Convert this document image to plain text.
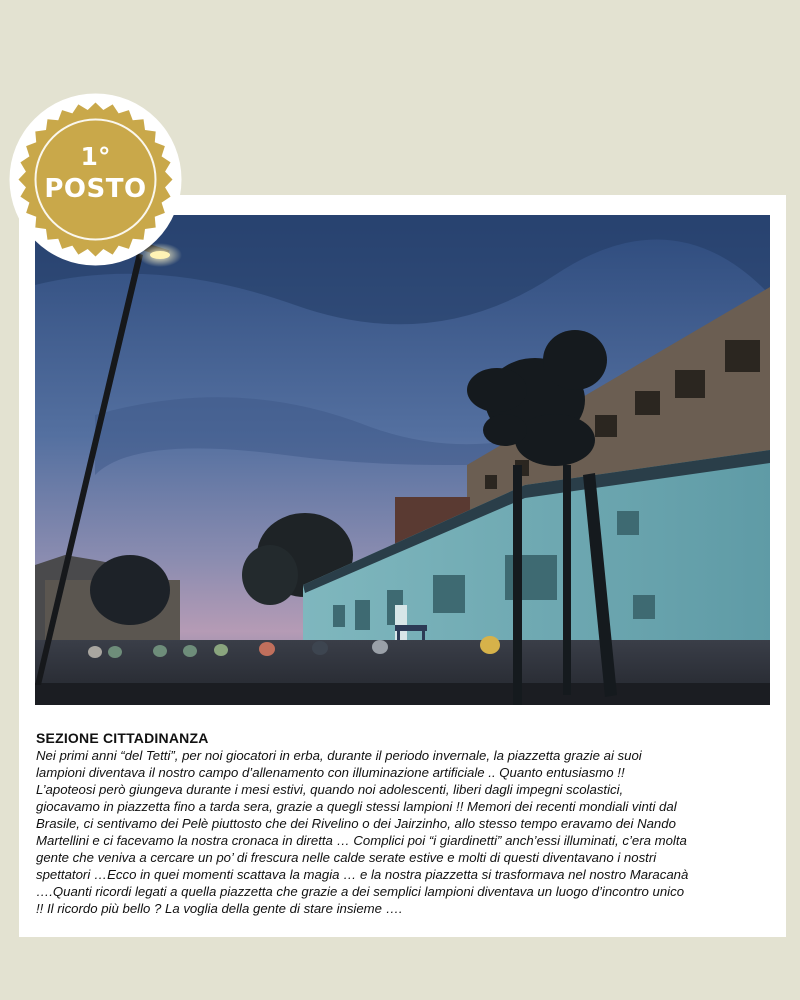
SEZIONE CITTADINANZA

Nei primi anni “del Tetti”, per noi giocatori in erba, durante il periodo invernale, la piazzetta grazie ai suoi
lampioni diventava il nostro campo d’allenamento con illuminazione artificiale .. Quanto entusiasmo !!
L’apoteosi però giungeva durante i mesi estivi, quando noi adolescenti, liberi dagli impegni scolastici,
giocavamo in piazzetta fino a tarda sera, grazie a quegli stessi lampioni !! Memori dei recenti mondiali vinti dal
Brasile, ci sentivamo dei Pelè piuttosto che dei Rivelino o dei Jairzinho, allo stesso tempo eravamo dei Nando
Martellini e ci facevamo la nostra cronaca in diretta … Complici poi “i giardinetti” anch’essi illuminati, c’era molta
gente che veniva a cercare un po’ di frescura nelle calde serate estive e molti di questi diventavano i nostri
spettatori …Ecco in quei momenti scattava la magia … e la nostra piazzetta si trasformava nel nostro Maracanà
….Quanti ricordi legati a quella piazzetta che grazie a dei semplici lampioni diventava un luogo d’incontro unico
!! Il ricordo più bello ? La voglia della gente di stare insieme ….

1°
POSTO
